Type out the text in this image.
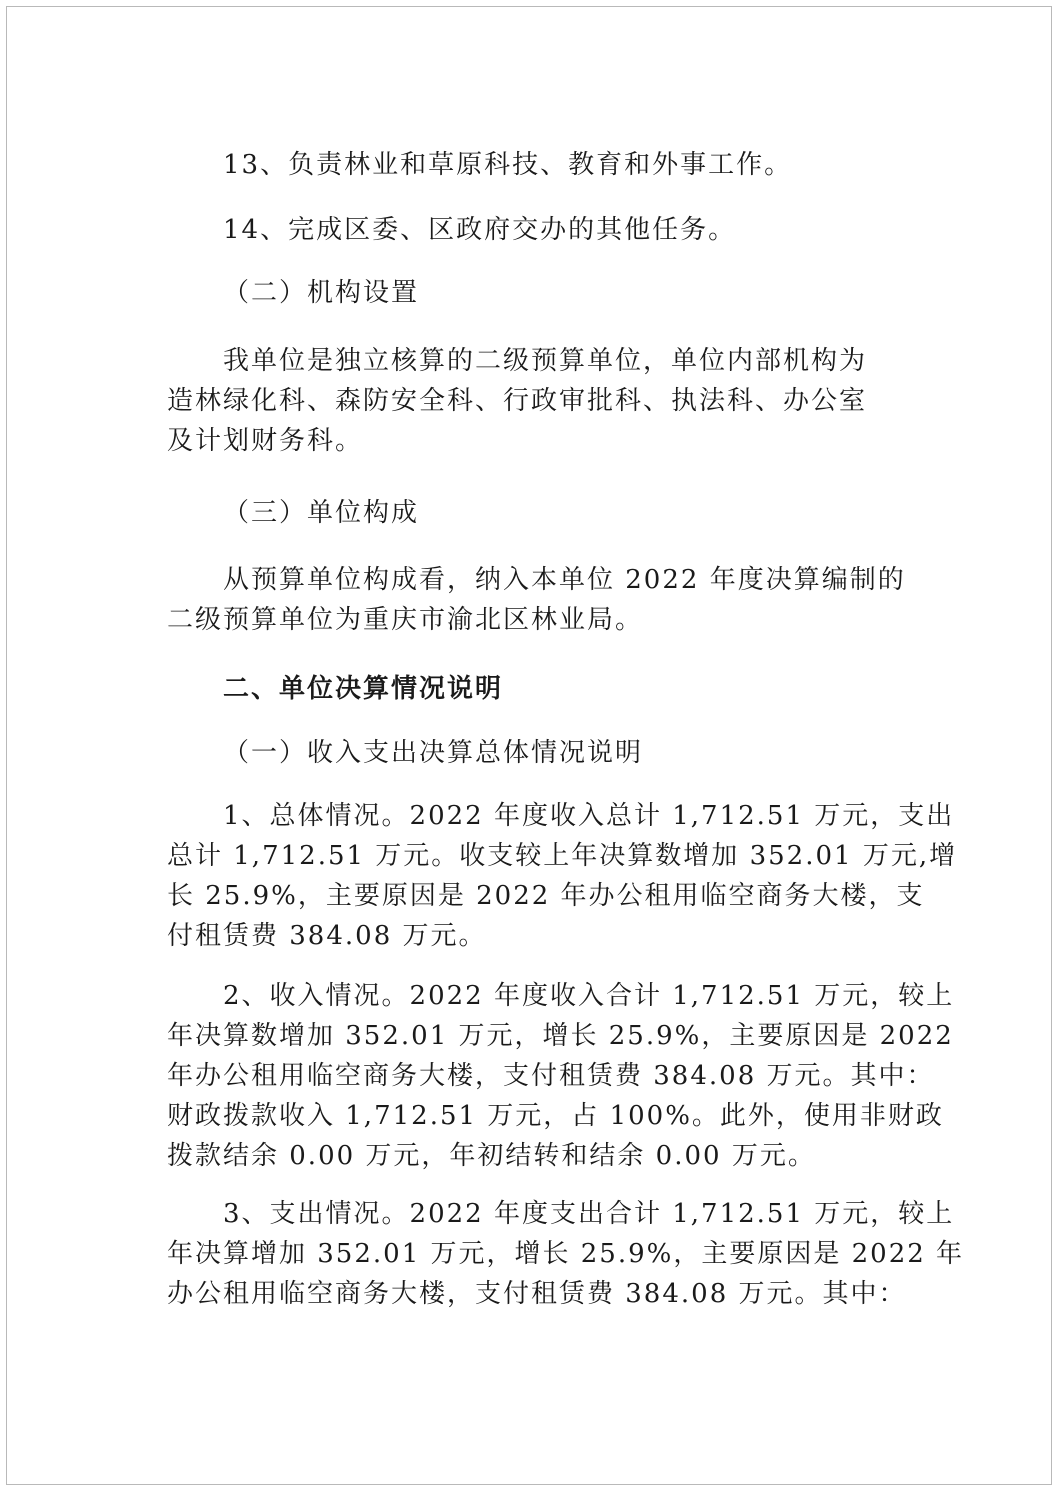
13、负责林业和草原科技、教育和外事工作。

14、完成区委、区政府交办的其他任务。

（二）机构设置

我单位是独立核算的二级预算单位，单位内部机构为
造林绿化科、森防安全科、行政审批科、执法科、办公室
及计划财务科。

（三）单位构成

从预算单位构成看，纳入本单位 2022 年度决算编制的
二级预算单位为重庆市渝北区林业局。

二、单位决算情况说明

（一）收入支出决算总体情况说明

1、总体情况。2022 年度收入总计 1,712.51 万元，支出
总计 1,712.51 万元。收支较上年决算数增加 352.01 万元,增
长 25.9%，主要原因是 2022 年办公租用临空商务大楼，支
付租赁费 384.08 万元。

2、收入情况。2022 年度收入合计 1,712.51 万元，较上
年决算数增加 352.01 万元，增长 25.9%，主要原因是 2022
年办公租用临空商务大楼，支付租赁费 384.08 万元。其中：
财政拨款收入 1,712.51 万元，占 100%。此外，使用非财政
拨款结余 0.00 万元，年初结转和结余 0.00 万元。

3、支出情况。2022 年度支出合计 1,712.51 万元，较上
年决算增加 352.01 万元，增长 25.9%，主要原因是 2022 年
办公租用临空商务大楼，支付租赁费 384.08 万元。其中：
